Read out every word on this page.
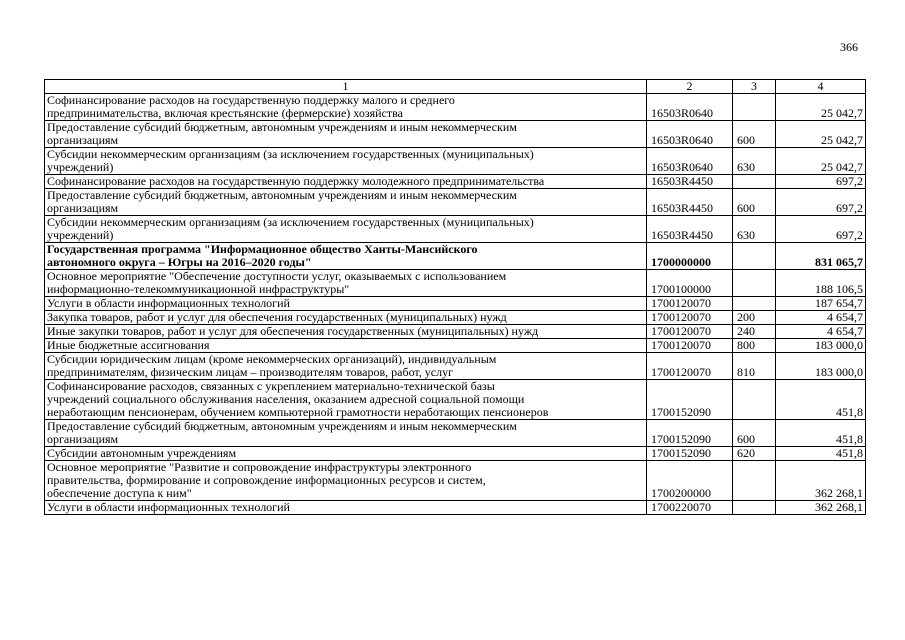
366
1	2	3	4
Софинансирование расходов на государственную поддержку малого и среднего
предпринимательства, включая крестьянские (фермерские) хозяйства	16503R0640		25 042,7
Предоставление субсидий бюджетным, автономным учреждениям и иным некоммерческим
организациям	16503R0640	600	25 042,7
Субсидии некоммерческим организациям (за исключением государственных (муниципальных)
учреждений)	16503R0640	630	25 042,7
Софинансирование расходов на государственную поддержку молодежного предпринимательства	16503R4450		697,2
Предоставление субсидий бюджетным, автономным учреждениям и иным некоммерческим
организациям	16503R4450	600	697,2
Субсидии некоммерческим организациям (за исключением государственных (муниципальных)
учреждений)	16503R4450	630	697,2
Государственная программа "Информационное общество Ханты-Мансийского
автономного округа – Югры на 2016–2020 годы"	1700000000		831 065,7
Основное мероприятие "Обеспечение доступности услуг, оказываемых с использованием
информационно-телекоммуникационной инфраструктуры"	1700100000		188 106,5
Услуги в области информационных технологий	1700120070		187 654,7
Закупка товаров, работ и услуг для обеспечения государственных (муниципальных) нужд	1700120070	200	4 654,7
Иные закупки товаров, работ и услуг для обеспечения государственных (муниципальных) нужд	1700120070	240	4 654,7
Иные бюджетные ассигнования	1700120070	800	183 000,0
Субсидии юридическим лицам (кроме некоммерческих организаций), индивидуальным
предпринимателям, физическим лицам – производителям товаров, работ, услуг	1700120070	810	183 000,0
Софинансирование расходов, связанных с укреплением материально-технической базы
учреждений социального обслуживания населения, оказанием адресной социальной помощи
неработающим пенсионерам, обучением компьютерной грамотности неработающих пенсионеров	1700152090		451,8
Предоставление субсидий бюджетным, автономным учреждениям и иным некоммерческим
организациям	1700152090	600	451,8
Субсидии автономным учреждениям	1700152090	620	451,8
Основное мероприятие "Развитие и сопровождение инфраструктуры электронного
правительства, формирование и сопровождение информационных ресурсов и систем,
обеспечение доступа к ним"	1700200000		362 268,1
Услуги в области информационных технологий	1700220070		362 268,1
